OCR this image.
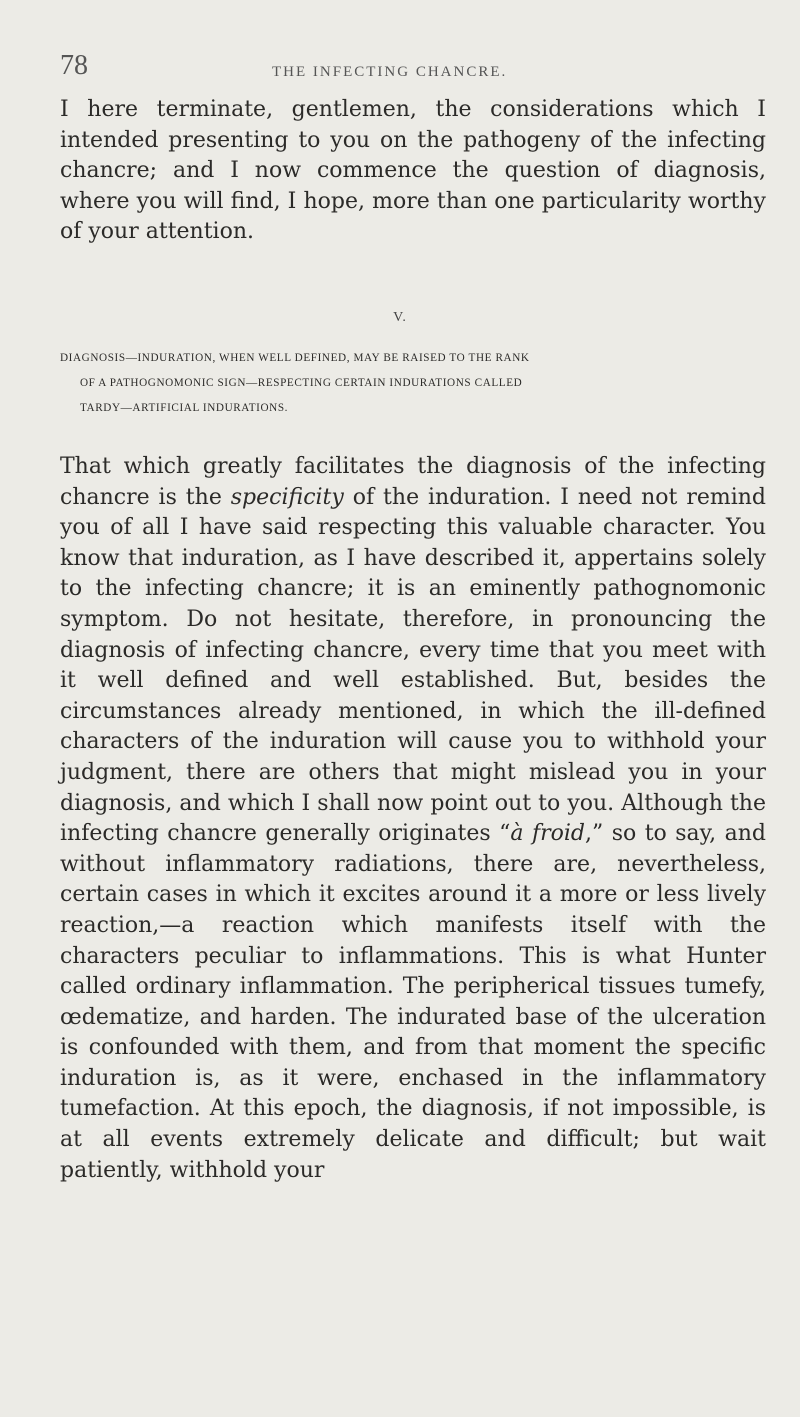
78	THE INFECTING CHANCRE.

I here terminate, gentlemen, the considerations which I intended presenting to you on the pathogeny of the infecting chancre; and I now commence the question of diagnosis, where you will find, I hope, more than one particularity worthy of your attention.

V.

DIAGNOSIS—INDURATION, WHEN WELL DEFINED, MAY BE RAISED TO THE RANK

OF A PATHOGNOMONIC SIGN—RESPECTING CERTAIN INDURATIONS CALLED
TARDY—ARTIFICIAL INDURATIONS.

That which greatly facilitates the diagnosis of the infecting chancre is the specificity of the induration. I need not remind you of all I have said respecting this valuable character. You know that induration, as I have described it, appertains solely to the infecting chancre; it is an eminently pathognomonic symptom. Do not hesitate, therefore, in pronouncing the diagnosis of infecting chancre, every time that you meet with it well defined and well established. But, besides the circumstances already mentioned, in which the ill-defined characters of the induration will cause you to withhold your judgment, there are others that might mislead you in your diagnosis, and which I shall now point out to you. Although the infecting chancre generally originates “à froid,” so to say, and without inflammatory radiations, there are, nevertheless, certain cases in which it excites around it a more or less lively reaction,—a reaction which manifests itself with the characters peculiar to inflammations. This is what Hunter called ordinary inflammation. The peripherical tissues tumefy, œdematize, and harden. The indurated base of the ulceration is confounded with them, and from that moment the specific induration is, as it were, enchased in the inflammatory tumefaction. At this epoch, the diagnosis, if not impossible, is at all events extremely delicate and difficult; but wait patiently, withhold your
